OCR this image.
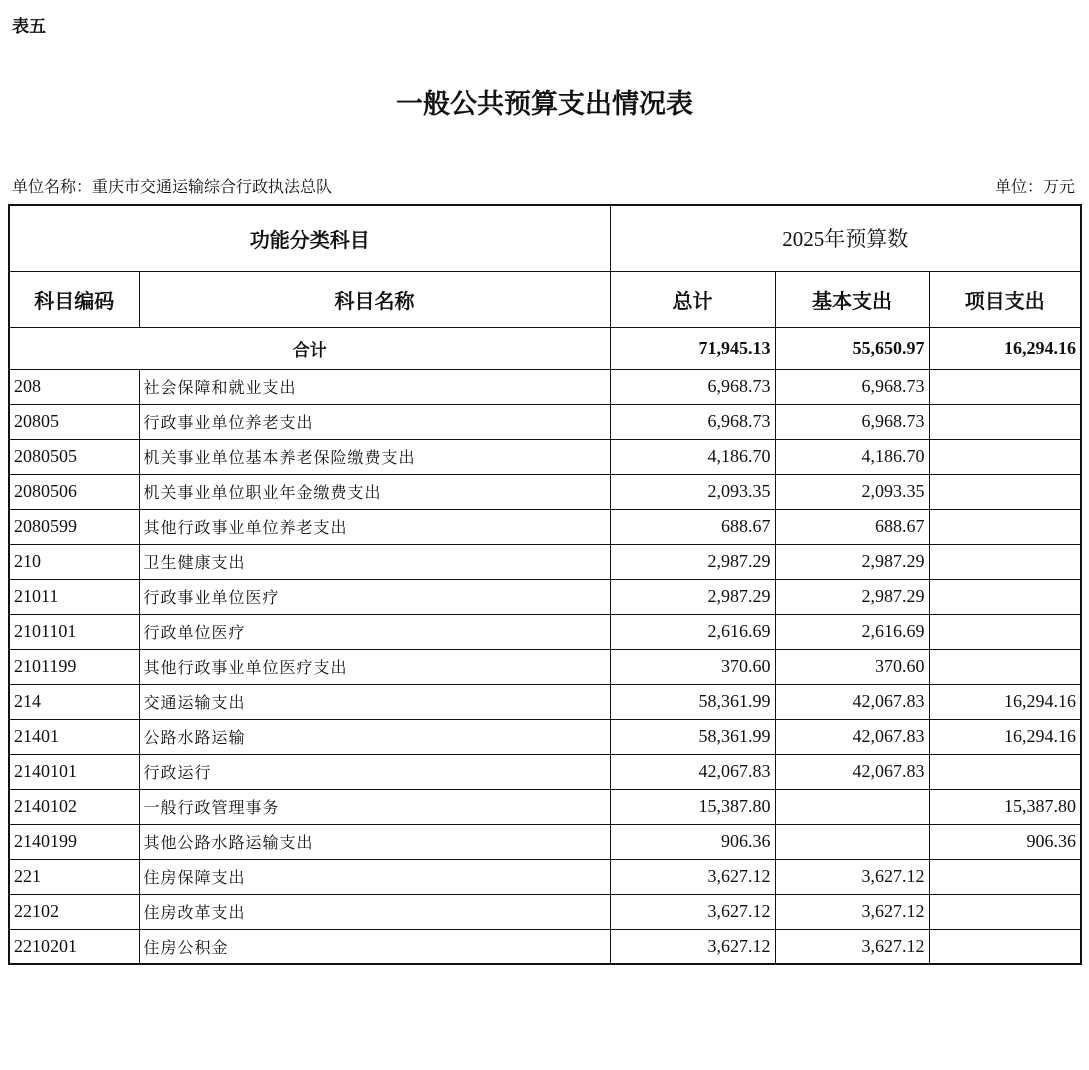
表五
一般公共预算支出情况表
单位名称：重庆市交通运输综合行政执法总队	单位：万元
功能分类科目		2025年预算数		
科目编码	科目名称	总计	基本支出	项目支出
合计		71,945.13	55,650.97	16,294.16
208	社会保障和就业支出	6,968.73	6,968.73	
20805	行政事业单位养老支出	6,968.73	6,968.73	
2080505	机关事业单位基本养老保险缴费支出	4,186.70	4,186.70	
2080506	机关事业单位职业年金缴费支出	2,093.35	2,093.35	
2080599	其他行政事业单位养老支出	688.67	688.67	
210	卫生健康支出	2,987.29	2,987.29	
21011	行政事业单位医疗	2,987.29	2,987.29	
2101101	行政单位医疗	2,616.69	2,616.69	
2101199	其他行政事业单位医疗支出	370.60	370.60	
214	交通运输支出	58,361.99	42,067.83	16,294.16
21401	公路水路运输	58,361.99	42,067.83	16,294.16
2140101	行政运行	42,067.83	42,067.83	
2140102	一般行政管理事务	15,387.80		15,387.80
2140199	其他公路水路运输支出	906.36		906.36
221	住房保障支出	3,627.12	3,627.12	
22102	住房改革支出	3,627.12	3,627.12	
2210201	住房公积金	3,627.12	3,627.12	
